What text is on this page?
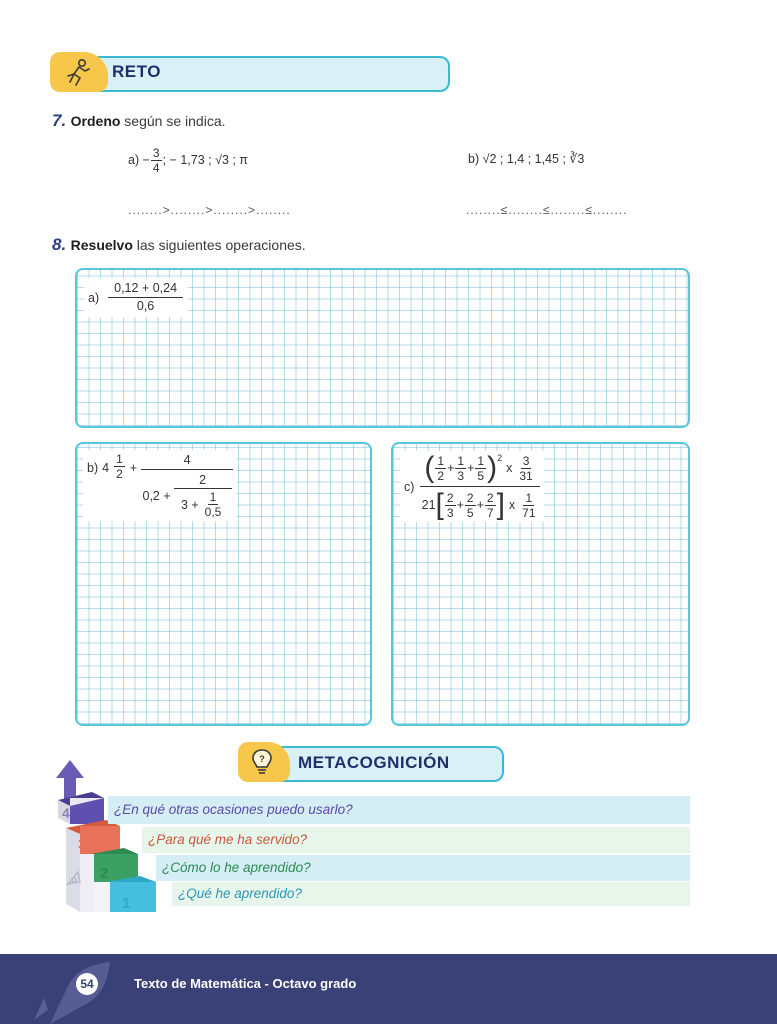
RETO
7. Ordeno según se indica.
$a) - \frac{3}{4}$ ; − 1,73 ; √3 ; π	b) √2 ; 1,4 ; 1,45 ; ∛3
........>........>........>........	........≤........≤........≤........
8. Resuelvo las siguientes operaciones.
$a) \frac{0,12 + 0,24}{0,6}$
b) $4 \frac{1}{2} + \frac{4}{0,2 + \frac{2}{3 + \frac{1}{0,5}}}$	c)
( $\frac{1}{2} + \frac{1}{3} + \frac{1}{5} )^2$
x $\frac{3}{31}$
21 [ $\frac{2}{3} + \frac{2}{5} + \frac{2}{7}$ ] x $\frac{1}{71}$
? METACOGNICIÓN
4
3
2
1
¿En qué otras ocasiones puedo usarlo?
¿Para qué me ha servido?
¿Cómo lo he aprendido?
¿Qué he aprendido?
54	Texto de Matemática - Octavo grado
